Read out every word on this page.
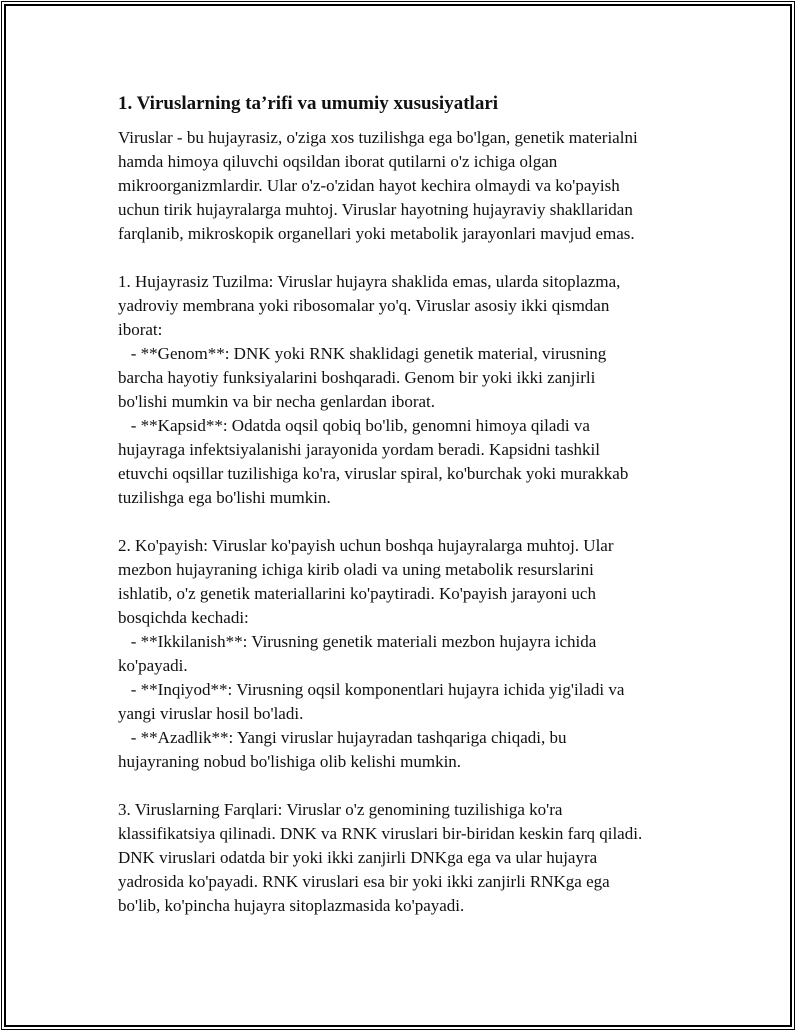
1. Viruslarning ta’rifi va umumiy xususiyatlari

Viruslar - bu hujayrasiz, o'ziga xos tuzilishga ega bo'lgan, genetik materialni
hamda himoya qiluvchi oqsildan iborat qutilarni o'z ichiga olgan
mikroorganizmlardir. Ular o'z-o'zidan hayot kechira olmaydi va ko'payish
uchun tirik hujayralarga muhtoj. Viruslar hayotning hujayraviy shakllaridan
farqlanib, mikroskopik organellari yoki metabolik jarayonlari mavjud emas.

1. Hujayrasiz Tuzilma: Viruslar hujayra shaklida emas, ularda sitoplazma,
yadroviy membrana yoki ribosomalar yo'q. Viruslar asosiy ikki qismdan
iborat:
- **Genom**: DNK yoki RNK shaklidagi genetik material, virusning
barcha hayotiy funksiyalarini boshqaradi. Genom bir yoki ikki zanjirli
bo'lishi mumkin va bir necha genlardan iborat.
- **Kapsid**: Odatda oqsil qobiq bo'lib, genomni himoya qiladi va
hujayraga infektsiyalanishi jarayonida yordam beradi. Kapsidni tashkil
etuvchi oqsillar tuzilishiga ko'ra, viruslar spiral, ko'burchak yoki murakkab
tuzilishga ega bo'lishi mumkin.

2. Ko'payish: Viruslar ko'payish uchun boshqa hujayralarga muhtoj. Ular
mezbon hujayraning ichiga kirib oladi va uning metabolik resurslarini
ishlatib, o'z genetik materiallarini ko'paytiradi. Ko'payish jarayoni uch
bosqichda kechadi:
- **Ikkilanish**: Virusning genetik materiali mezbon hujayra ichida
ko'payadi.
- **Inqiyod**: Virusning oqsil komponentlari hujayra ichida yig'iladi va
yangi viruslar hosil bo'ladi.
- **Azadlik**: Yangi viruslar hujayradan tashqariga chiqadi, bu
hujayraning nobud bo'lishiga olib kelishi mumkin.

3. Viruslarning Farqlari: Viruslar o'z genomining tuzilishiga ko'ra
klassifikatsiya qilinadi. DNK va RNK viruslari bir-biridan keskin farq qiladi.
DNK viruslari odatda bir yoki ikki zanjirli DNKga ega va ular hujayra
yadrosida ko'payadi. RNK viruslari esa bir yoki ikki zanjirli RNKga ega
bo'lib, ko'pincha hujayra sitoplazmasida ko'payadi.
